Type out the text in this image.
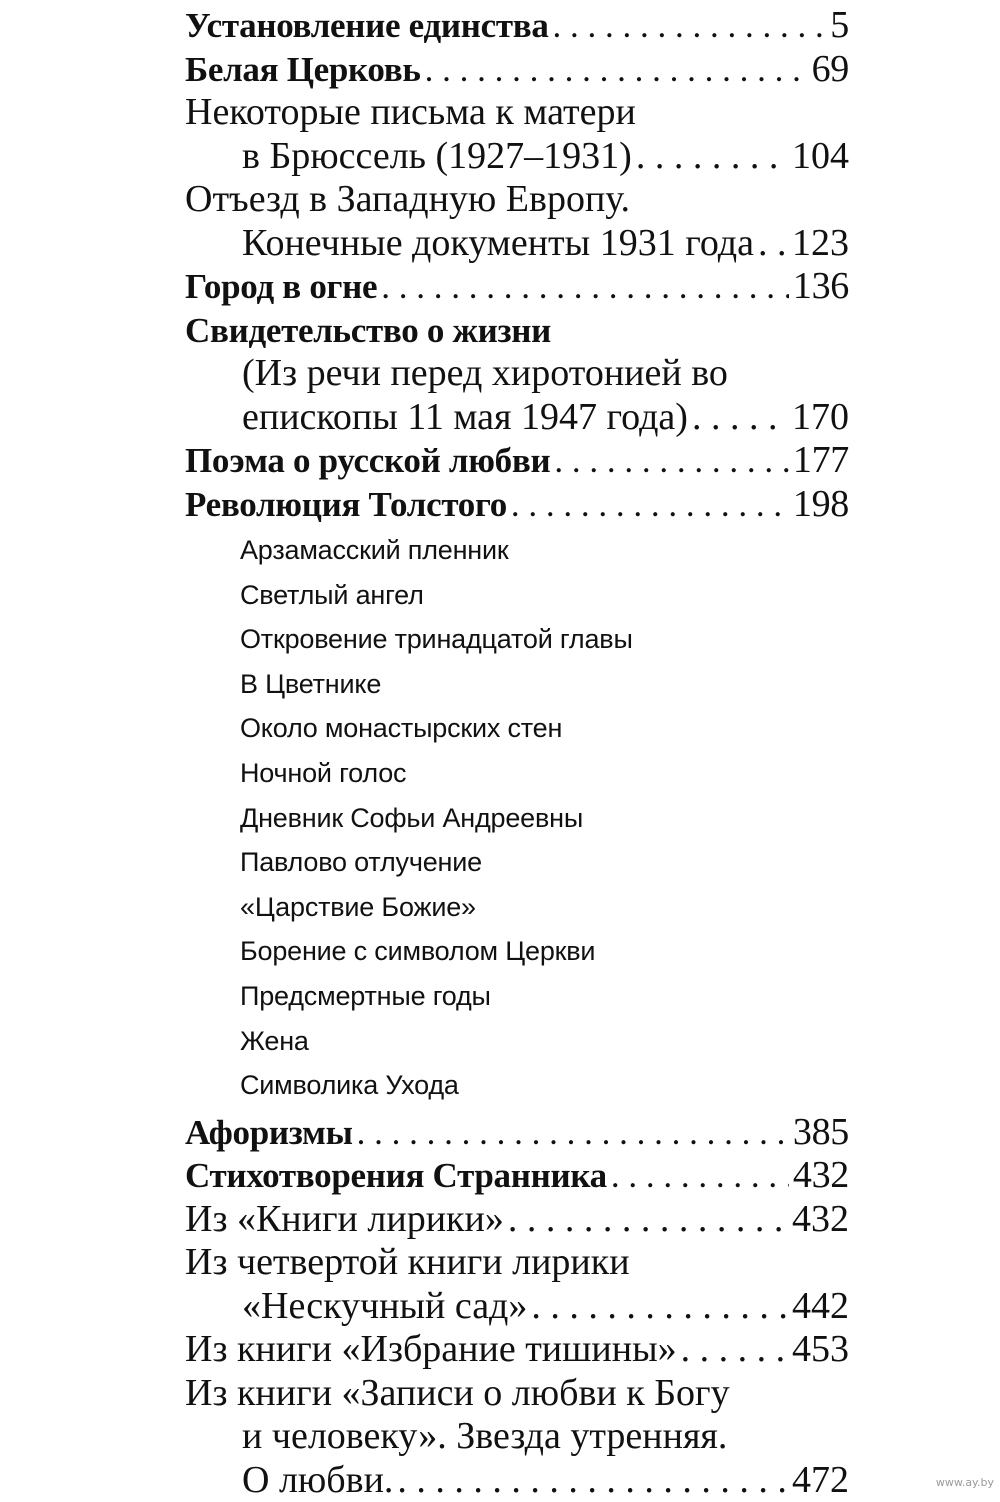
Установление единства . . .	5
Белая Церковь . . .	69
Некоторые письма к матери
в Брюссель (1927–1931) . . .	104
Отъезд в Западную Европу.
Конечные документы 1931 года . . . 123
Город в огне . . .	136
Свидетельство о жизни
(Из речи перед хиротонией во
епископы 11 мая 1947 года) . . .	170
Поэма о русской любви . . .	177
Революция Толстого . . .	198
Арзамасский пленник
Светлый ангел
Откровение тринадцатой главы
В Цветнике
Около монастырских стен
Ночной голос
Дневник Софьи Андреевны
Павлово отлучение
«Царствие Божие»
Борение с символом Церкви
Предсмертные годы
Жена
Символика Ухода
Афоризмы . . .	385
Стихотворения Странника . . .	432
Из «Книги лирики» . . .	432
Из четвертой книги лирики
«Нескучный сад» . . .	442
Из книги «Избрание тишины» . . .	453
Из книги «Записи о любви к Богу
и человеку». Звезда утренняя.
О любви. . . .	472	www.ay.by
